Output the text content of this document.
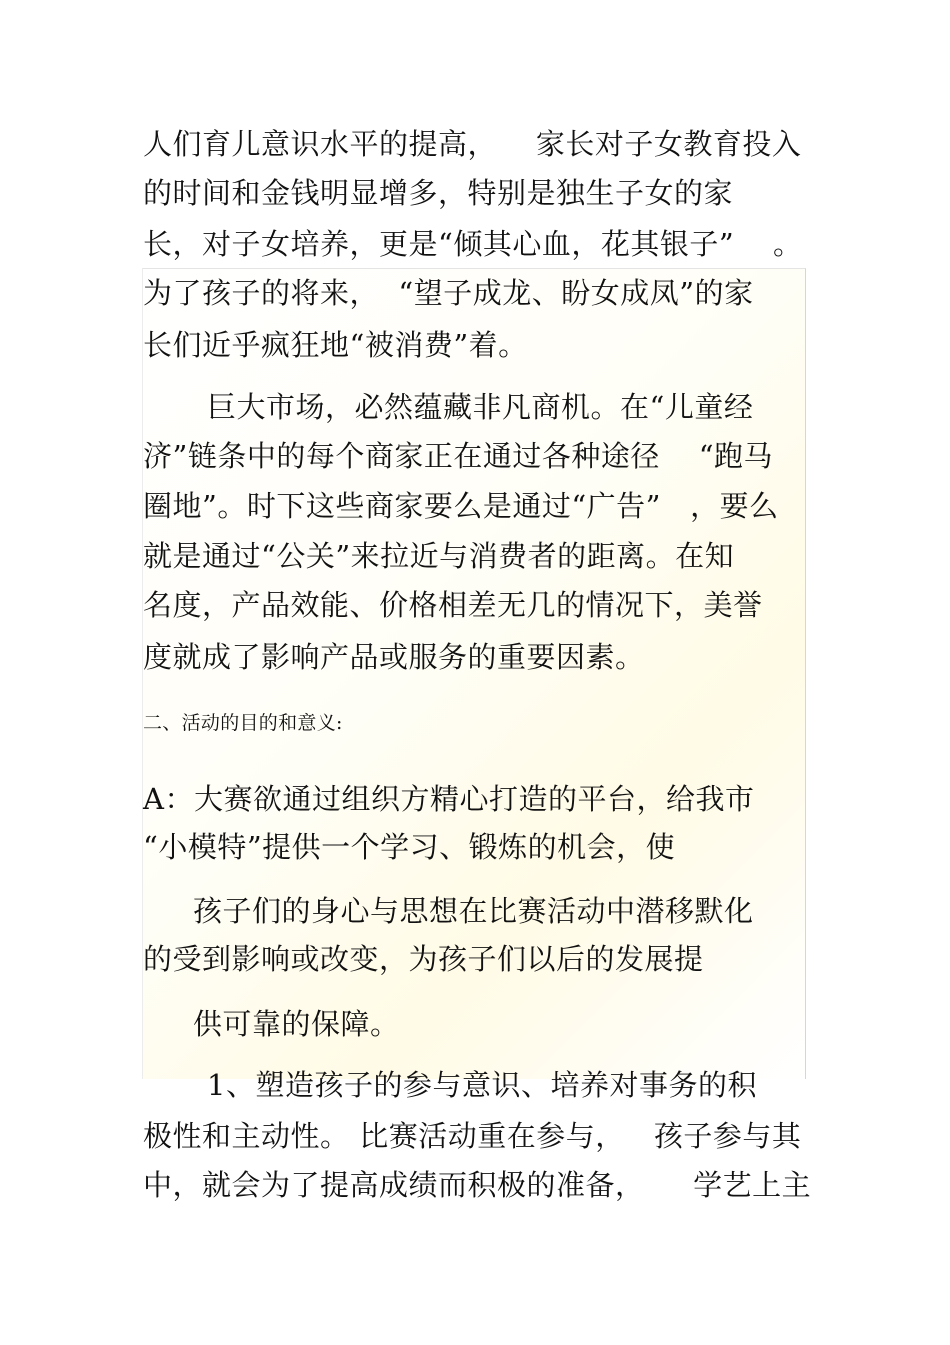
人们育儿意识水平的提高，    家长对子女教育投入
的时间和金钱明显增多，特别是独生子女的家
长，对子女培养，更是“倾其心血，花其银子”    。
为了孩子的将来，  “望子成龙、盼女成凤”的家
长们近乎疯狂地“被消费”着。
巨大市场，必然蕴藏非凡商机。在“儿童经
济”链条中的每个商家正在通过各种途径    “跑马
圈地”。时下这些商家要么是通过“广告”   ，要么
就是通过“公关”来拉近与消费者的距离。在知
名度，产品效能、价格相差无几的情况下，美誉
度就成了影响产品或服务的重要因素。
二、活动的目的和意义:
A：大赛欲通过组织方精心打造的平台，给我市
“小模特”提供一个学习、锻炼的机会，使
孩子们的身心与思想在比赛活动中潜移默化
的受到影响或改变，为孩子们以后的发展提
供可靠的保障。
1、塑造孩子的参与意识、培养对事务的积
极性和主动性。 比赛活动重在参与，   孩子参与其
中，就会为了提高成绩而积极的准备，     学艺上主
